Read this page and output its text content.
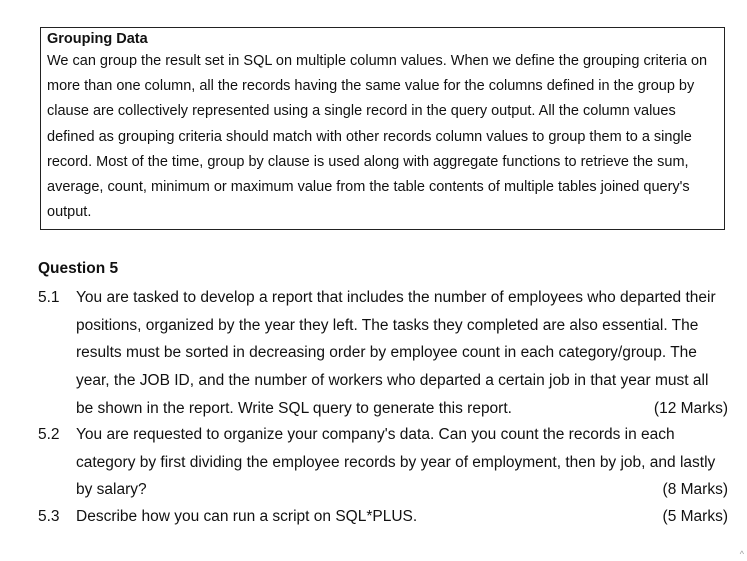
Grouping Data

We can group the result set in SQL on multiple column values. When we define the grouping criteria on more than one column, all the records having the same value for the columns defined in the group by clause are collectively represented using a single record in the query output. All the column values defined as grouping criteria should match with other records column values to group them to a single record. Most of the time, group by clause is used along with aggregate functions to retrieve the sum, average, count, minimum or maximum value from the table contents of multiple tables joined query's output.

Question 5

5.1 You are tasked to develop a report that includes the number of employees who departed their positions, organized by the year they left. The tasks they completed are also essential. The results must be sorted in decreasing order by employee count in each category/group. The year, the JOB ID, and the number of workers who departed a certain job in that year must all be shown in the report. Write SQL query to generate this report.	(12 Marks)
5.2 You are requested to organize your company's data. Can you count the records in each category by first dividing the employee records by year of employment, then by job, and lastly by salary?	(8 Marks)
5.3 Describe how you can run a script on SQL*PLUS.	(5 Marks)
^
